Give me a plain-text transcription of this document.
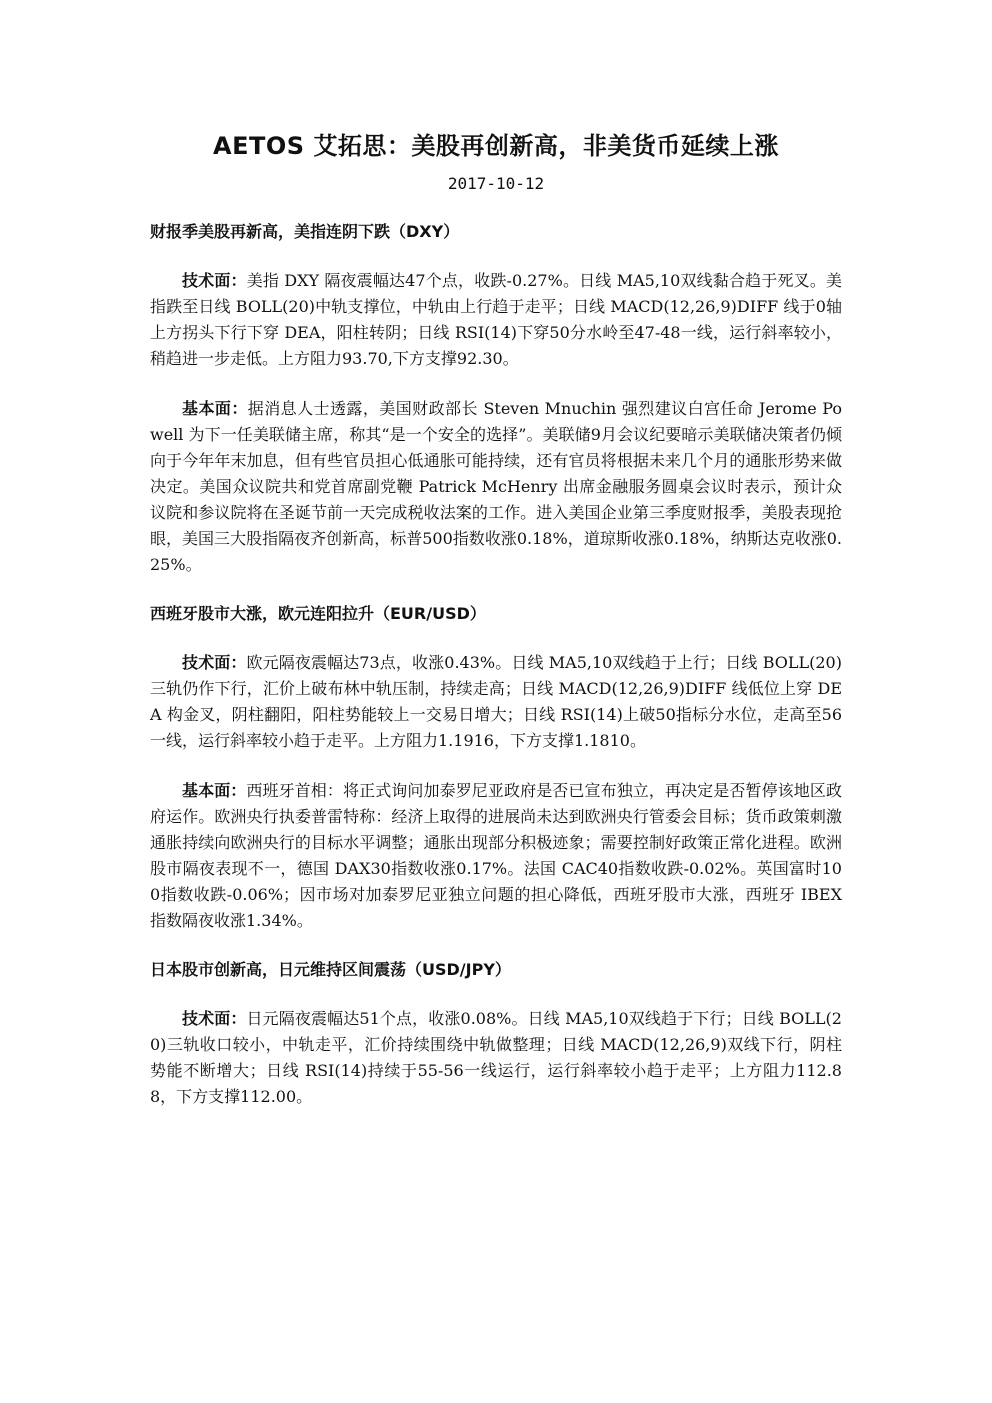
AETOS 艾拓思：美股再创新高，非美货币延续上涨
2017-10-12
财报季美股再新高，美指连阴下跌（DXY）

技术面：美指 DXY 隔夜震幅达47个点，收跌-0.27%。日线 MA5,10双线黏合趋于死叉。美指跌至日线 BOLL(20)中轨支撑位，中轨由上行趋于走平；日线 MACD(12,26,9)DIFF 线于0轴上方拐头下行下穿 DEA，阳柱转阴；日线 RSI(14)下穿50分水岭至47-48一线，运行斜率较小，稍趋进一步走低。上方阻力93.70,下方支撑92.30。

基本面：据消息人士透露，美国财政部长 Steven Mnuchin 强烈建议白宫任命 Jerome Powell 为下一任美联储主席，称其“是一个安全的选择”。美联储9月会议纪要暗示美联储决策者仍倾向于今年年末加息，但有些官员担心低通胀可能持续，还有官员将根据未来几个月的通胀形势来做决定。美国众议院共和党首席副党鞭 Patrick McHenry 出席金融服务圆桌会议时表示，预计众议院和参议院将在圣诞节前一天完成税收法案的工作。进入美国企业第三季度财报季，美股表现抢眼，美国三大股指隔夜齐创新高，标普500指数收涨0.18%，道琼斯收涨0.18%，纳斯达克收涨0.25%。

西班牙股市大涨，欧元连阳拉升（EUR/USD）

技术面：欧元隔夜震幅达73点，收涨0.43%。日线 MA5,10双线趋于上行；日线 BOLL(20)三轨仍作下行，汇价上破布林中轨压制，持续走高；日线 MACD(12,26,9)DIFF 线低位上穿 DEA 构金叉，阴柱翻阳，阳柱势能较上一交易日增大；日线 RSI(14)上破50指标分水位，走高至56一线，运行斜率较小趋于走平。上方阻力1.1916，下方支撑1.1810。

基本面：西班牙首相：将正式询问加泰罗尼亚政府是否已宣布独立，再决定是否暂停该地区政府运作。欧洲央行执委普雷特称：经济上取得的进展尚未达到欧洲央行管委会目标；货币政策刺激通胀持续向欧洲央行的目标水平调整；通胀出现部分积极迹象；需要控制好政策正常化进程。欧洲股市隔夜表现不一，德国 DAX30指数收涨0.17%。法国 CAC40指数收跌-0.02%。英国富时100指数收跌-0.06%；因市场对加泰罗尼亚独立问题的担心降低，西班牙股市大涨，西班牙 IBEX 指数隔夜收涨1.34%。

日本股市创新高，日元维持区间震荡（USD/JPY）

技术面：日元隔夜震幅达51个点，收涨0.08%。日线 MA5,10双线趋于下行；日线 BOLL(20)三轨收口较小，中轨走平，汇价持续围绕中轨做整理；日线 MACD(12,26,9)双线下行，阴柱势能不断增大；日线 RSI(14)持续于55-56一线运行，运行斜率较小趋于走平；上方阻力112.88，下方支撑112.00。
